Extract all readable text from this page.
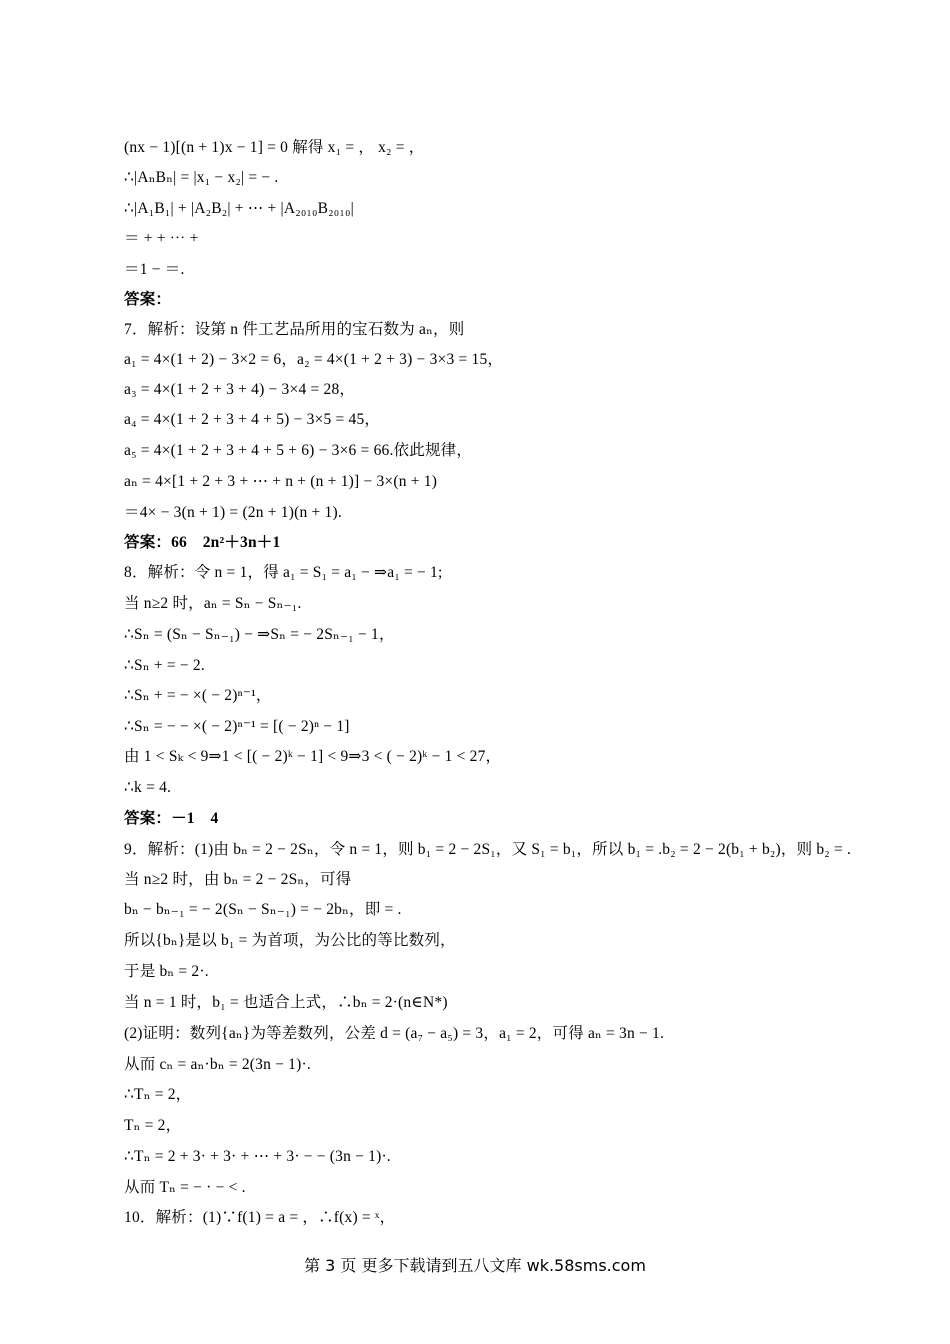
(nx − 1)[(n + 1)x − 1] = 0 解得 x₁ = ， x₂ = ，
∴|AₙBₙ| = |x₁ − x₂| = − .
∴|A₁B₁| + |A₂B₂| + ⋯ + |A₂₀₁₀B₂₀₁₀|
＝ + + ⋯ +
＝1 − ＝.
答案：
7．解析：设第 n 件工艺品所用的宝石数为 aₙ，则
a₁ = 4×(1 + 2) − 3×2 = 6，a₂ = 4×(1 + 2 + 3) − 3×3 = 15，
a₃ = 4×(1 + 2 + 3 + 4) − 3×4 = 28，
a₄ = 4×(1 + 2 + 3 + 4 + 5) − 3×5 = 45，
a₅ = 4×(1 + 2 + 3 + 4 + 5 + 6) − 3×6 = 66.依此规律，
aₙ = 4×[1 + 2 + 3 + ⋯ + n + (n + 1)] − 3×(n + 1)
＝4× − 3(n + 1) = (2n + 1)(n + 1).
答案：66　2n²＋3n＋1
8．解析：令 n = 1，得 a₁ = S₁ = a₁ − ⇒a₁ = − 1;
当 n≥2 时，aₙ = Sₙ − Sₙ₋₁.
∴Sₙ = (Sₙ − Sₙ₋₁) − ⇒Sₙ = − 2Sₙ₋₁ − 1，
∴Sₙ + = − 2.
∴Sₙ + = − ×( − 2)ⁿ⁻¹，
∴Sₙ = − − ×( − 2)ⁿ⁻¹ = [( − 2)ⁿ − 1]
由 1 < Sₖ < 9⇒1 < [( − 2)ᵏ − 1] < 9⇒3 < ( − 2)ᵏ − 1 < 27，
∴k = 4.
答案：－1　4
9．解析：(1)由 bₙ = 2 − 2Sₙ，令 n = 1，则 b₁ = 2 − 2S₁，又 S₁ = b₁，所以 b₁ = .b₂ = 2 − 2(b₁ + b₂)，则 b₂ = .
当 n≥2 时，由 bₙ = 2 − 2Sₙ，可得
bₙ − bₙ₋₁ = − 2(Sₙ − Sₙ₋₁) = − 2bₙ，即 = .
所以{bₙ}是以 b₁ = 为首项，为公比的等比数列，
于是 bₙ = 2·.
当 n = 1 时，b₁ = 也适合上式，∴bₙ = 2·(n∈N*)
(2)证明：数列{aₙ}为等差数列，公差 d = (a₇ − a₅) = 3，a₁ = 2，可得 aₙ = 3n − 1.
从而 cₙ = aₙ·bₙ = 2(3n − 1)·.
∴Tₙ = 2，
Tₙ = 2，
∴Tₙ = 2 + 3· + 3· + ⋯ + 3· − − (3n − 1)·.
从而 Tₙ = − · − < .
10．解析：(1)∵f(1) = a = ，∴f(x) = ˣ，
第 3 页 更多下载请到五八文库 wk.58sms.com
